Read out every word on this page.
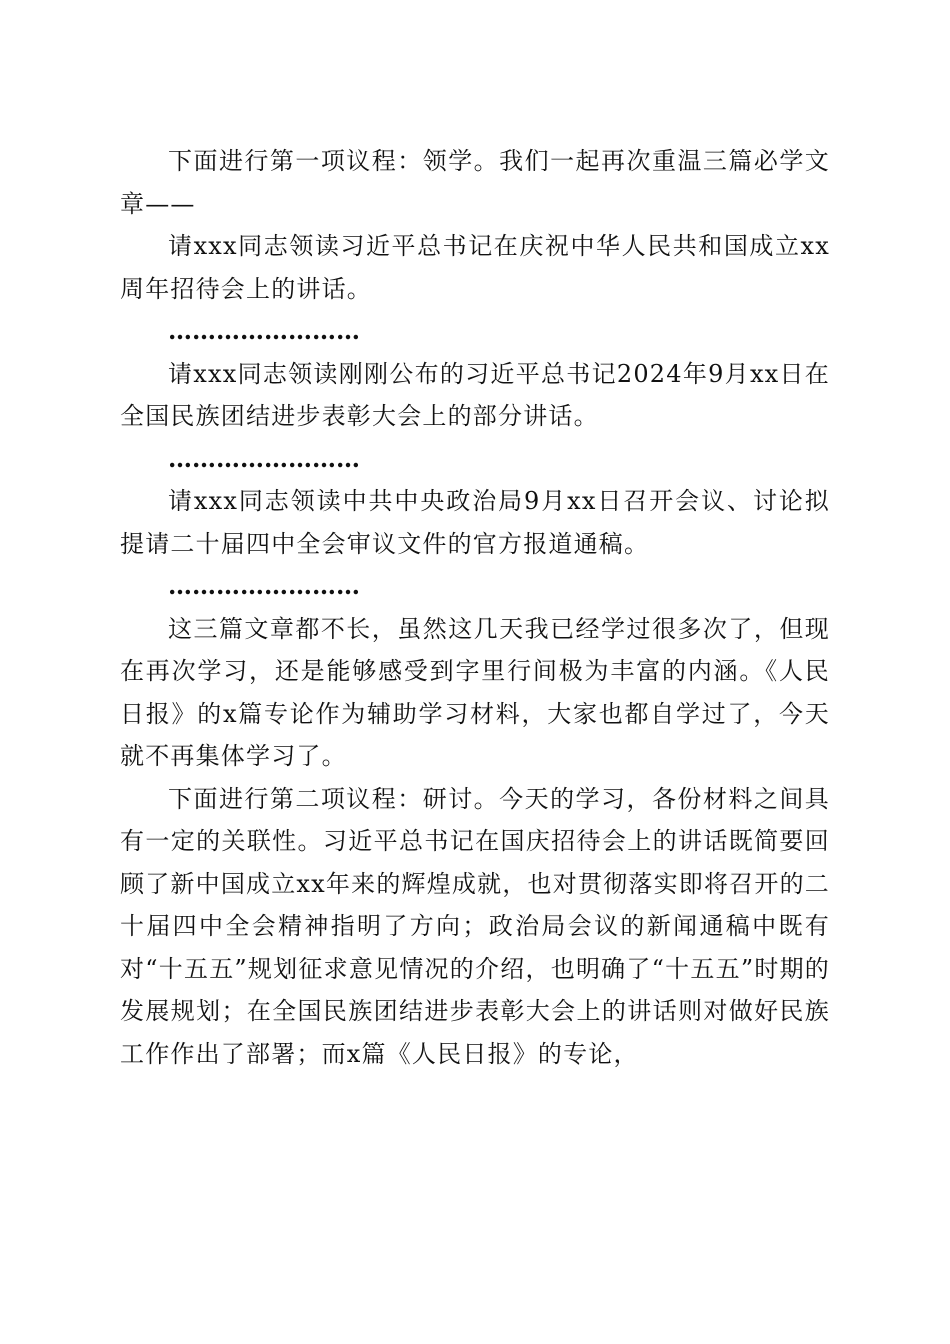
下面进行第一项议程：领学。我们一起再次重温三篇必学文章——

请xxx同志领读习近平总书记在庆祝中华人民共和国成立xx周年招待会上的讲话。

……………………

请xxx同志领读刚刚公布的习近平总书记2024年9月xx日在全国民族团结进步表彰大会上的部分讲话。

……………………

请xxx同志领读中共中央政治局9月xx日召开会议、讨论拟提请二十届四中全会审议文件的官方报道通稿。

……………………

这三篇文章都不长，虽然这几天我已经学过很多次了，但现在再次学习，还是能够感受到字里行间极为丰富的内涵。《人民日报》的x篇专论作为辅助学习材料，大家也都自学过了，今天就不再集体学习了。

下面进行第二项议程：研讨。今天的学习，各份材料之间具有一定的关联性。习近平总书记在国庆招待会上的讲话既简要回顾了新中国成立xx年来的辉煌成就，也对贯彻落实即将召开的二十届四中全会精神指明了方向；政治局会议的新闻通稿中既有对“十五五”规划征求意见情况的介绍，也明确了“十五五”时期的发展规划；在全国民族团结进步表彰大会上的讲话则对做好民族工作作出了部署；而x篇《人民日报》的专论，
